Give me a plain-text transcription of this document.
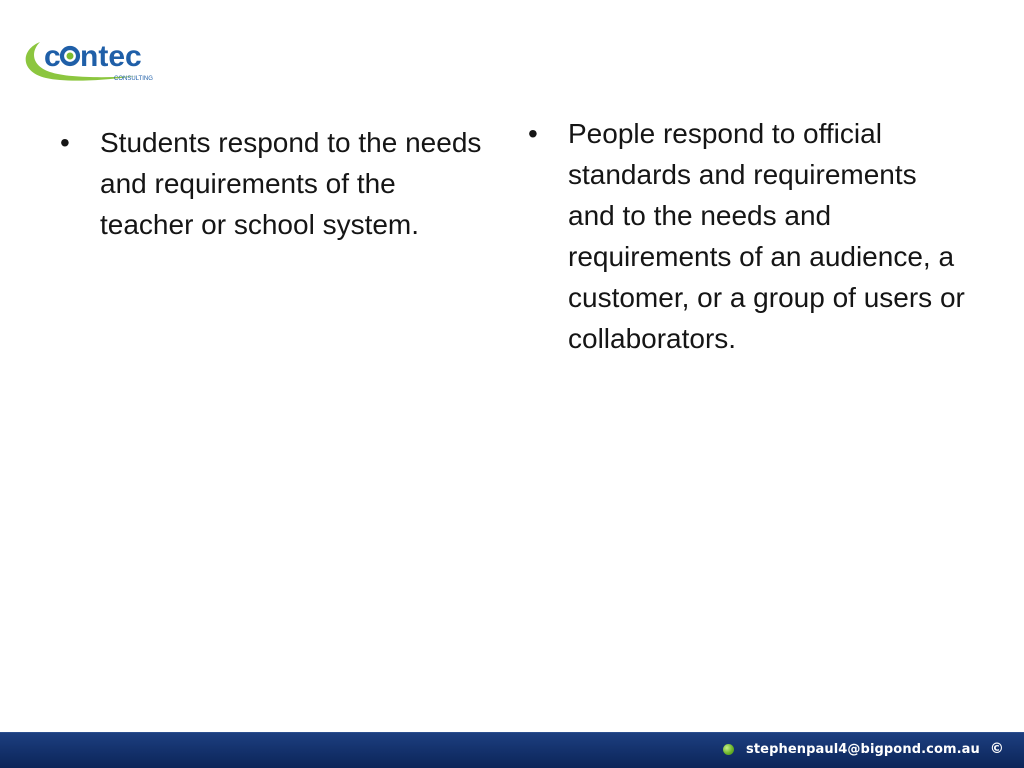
c ntec
CONSULTING
•	Students respond to the needs and requirements of the teacher or school system.
•	People respond to official standards and requirements and to the needs and requirements of an audience, a customer, or a group of users or collaborators.
stephenpaul4@bigpond.com.au ©
